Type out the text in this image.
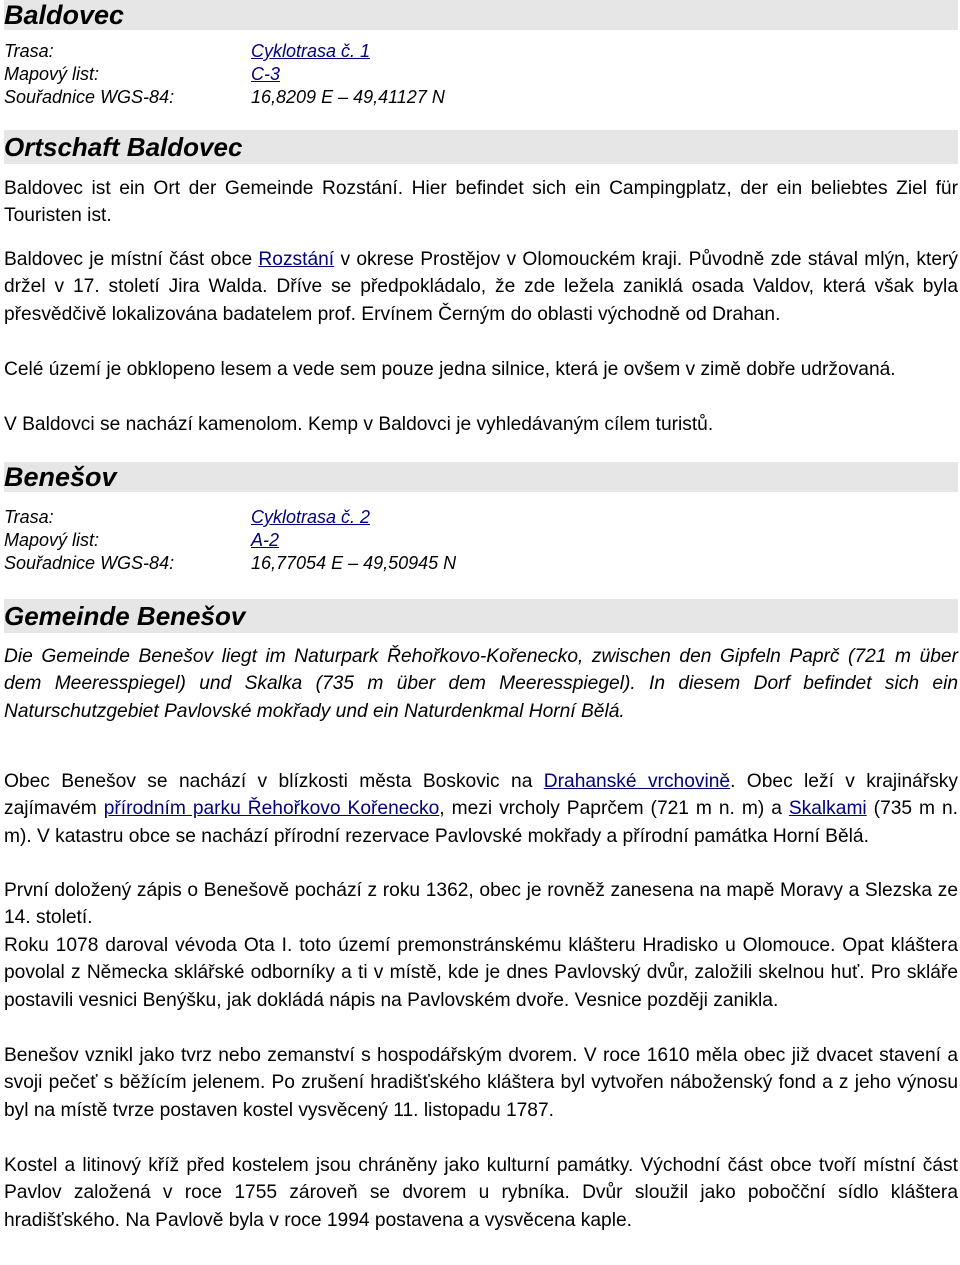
Baldovec
Trasa:	Cyklotrasa č. 1
Mapový list:	C-3
Souřadnice WGS-84:	16,8209 E – 49,41127 N
Ortschaft Baldovec

Baldovec ist ein Ort der Gemeinde Rozstání. Hier befindet sich ein Campingplatz, der ein beliebtes Ziel für Touristen ist.

Baldovec je místní část obce Rozstání v okrese Prostějov v Olomouckém kraji. Původně zde stával mlýn, který držel v 17. století Jira Walda. Dříve se předpokládalo, že zde ležela zaniklá osada Valdov, která však byla přesvědčivě lokalizována badatelem prof. Ervínem Černým do oblasti východně od Drahan.

Celé území je obklopeno lesem a vede sem pouze jedna silnice, která je ovšem v zimě dobře udržovaná.

V Baldovci se nachází kamenolom. Kemp v Baldovci je vyhledávaným cílem turistů.

Benešov
Trasa:	Cyklotrasa č. 2
Mapový list:	A-2
Souřadnice WGS-84:	16,77054 E – 49,50945 N
Gemeinde Benešov

Die Gemeinde Benešov liegt im Naturpark Řehořkovo-Kořenecko, zwischen den Gipfeln Paprč (721 m über dem Meeresspiegel) und Skalka (735 m über dem Meeresspiegel). In diesem Dorf befindet sich ein Naturschutzgebiet Pavlovské mokřady und ein Naturdenkmal Horní Bělá.

Obec Benešov se nachází v blízkosti města Boskovic na Drahanské vrchovině. Obec leží v krajinářsky zajímavém přírodním parku Řehořkovo Kořenecko, mezi vrcholy Paprčem (721 m n. m) a Skalkami (735 m n. m). V katastru obce se nachází přírodní rezervace Pavlovské mokřady a přírodní památka Horní Bělá.

První doložený zápis o Benešově pochází z roku 1362, obec je rovněž zanesena na mapě Moravy a Slezska ze 14. století.

Roku 1078 daroval vévoda Ota I. toto území premonstránskému klášteru Hradisko u Olomouce. Opat kláštera povolal z Německa sklářské odborníky a ti v místě, kde je dnes Pavlovský dvůr, založili skelnou huť. Pro skláře postavili vesnici Benýšku, jak dokládá nápis na Pavlovském dvoře. Vesnice později zanikla.

Benešov vznikl jako tvrz nebo zemanství s hospodářským dvorem. V roce 1610 měla obec již dvacet stavení a svoji pečeť s běžícím jelenem. Po zrušení hradišťského kláštera byl vytvořen náboženský fond a z jeho výnosu byl na místě tvrze postaven kostel vysvěcený 11. listopadu 1787.

Kostel a litinový kříž před kostelem jsou chráněny jako kulturní památky. Východní část obce tvoří místní část Pavlov založená v roce 1755 zároveň se dvorem u rybníka. Dvůr sloužil jako pobočční sídlo kláštera hradišťského. Na Pavlově byla v roce 1994 postavena a vysvěcena kaple.
